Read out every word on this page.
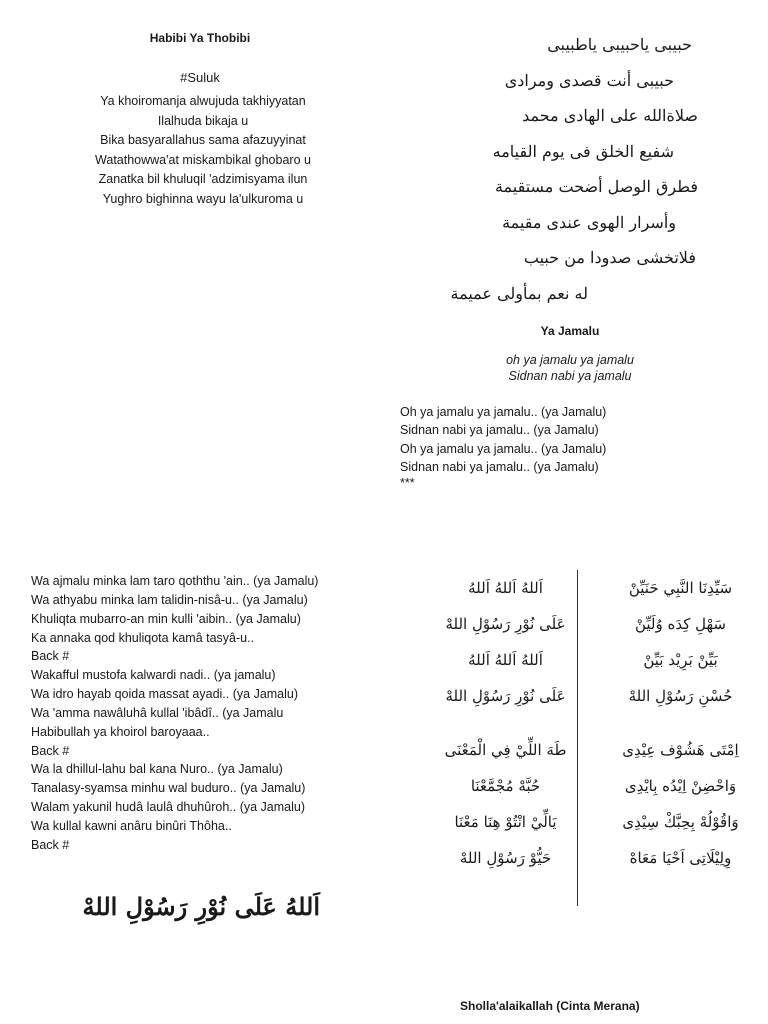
Habibi Ya Thobibi
#Suluk
Ya khoiromanja alwujuda takhiyyatan
Ilalhuda bikaja u
Bika basyarallahus sama afazuyyinat
Watathowwa'at miskambikal ghobaro u
Zanatka bil khuluqil 'adzimisyama ilun
Yughro bighinna wayu la'ulkuroma u
حبيبى ياحبيبى ياطبيبى
حبيبى أنت قصدى ومرادى
صلاةالله على الهادى محمد
شفيع الخلق فى يوم القيامه
فطرق الوصل أضحت مستقيمة
وأسرار الهوى عندى مقيمة
فلاتخشى صدودا من حبيب
له نعم بمأولى عميمة
Ya Jamalu
oh ya jamalu ya jamalu
Sidnan nabi ya jamalu
Oh ya jamalu ya jamalu.. (ya Jamalu)
Sidnan nabi ya jamalu.. (ya Jamalu)
Oh ya jamalu ya jamalu.. (ya Jamalu)
Sidnan nabi ya jamalu.. (ya Jamalu)
***
Wa ajmalu minka lam taro qoththu 'ain.. (ya Jamalu)
Wa athyabu minka lam talidin-nisâ-u.. (ya Jamalu)
Khuliqta mubarro-an min kulli 'aibin.. (ya Jamalu)
Ka annaka qod khuliqota kamâ tasyâ-u..
Back #
Wakafful mustofa kalwardi nadi.. (ya jamalu)
Wa idro hayab qoida massat ayadi.. (ya Jamalu)
Wa 'amma nawâluhâ kullal 'ibâdî.. (ya Jamalu
Habibullah ya khoirol baroyaaa..
Back #
Wa la dhillul-lahu bal kana Nuro.. (ya Jamalu)
Tanalasy-syamsa minhu wal buduro.. (ya Jamalu)
Walam yakunil hudâ laulâ dhuhûroh.. (ya Jamalu)
Wa kullal kawni anâru binûri Thôha..
Back #
سَيِّدِنَا النَّبِي حَنَيِّنْ
سَهْلِ كِدَه وُلَيِّنْ
بَيِّنْ بَرِيْد بَيِّنْ
حُسْنِ رَسُوْلِ اللهْ
اِمْتَى هَشُوْف عِيْدِى
وَاحْضِنْ اِيْدُه بِايْدِى
وَاقُوْلُهْ بِحِبَّكْ سِيْدِى
وِلِيْلَاتِى اَحْيَا مَعَاهْ
اَللهُ اَللهُ اَللهُ
عَلَى نُوْرِ رَسُوْلِ اللهْ
اَللهُ اَللهُ اَللهُ
عَلَى نُوْرِ رَسُوْلِ اللهْ
طَهَ اللِّيْ فِي الْمَعْنَى
حُبَّهْ مُجْمَّعْنَا
يَالِّيْ انْتُوْ هِنَا مَعْنَا
حَيُّوْ رَسُوْلِ اللهْ
اَللهُ عَلَى نُوْرِ رَسُوْلِ اللهْ
Sholla'alaikallah (Cinta Merana)
